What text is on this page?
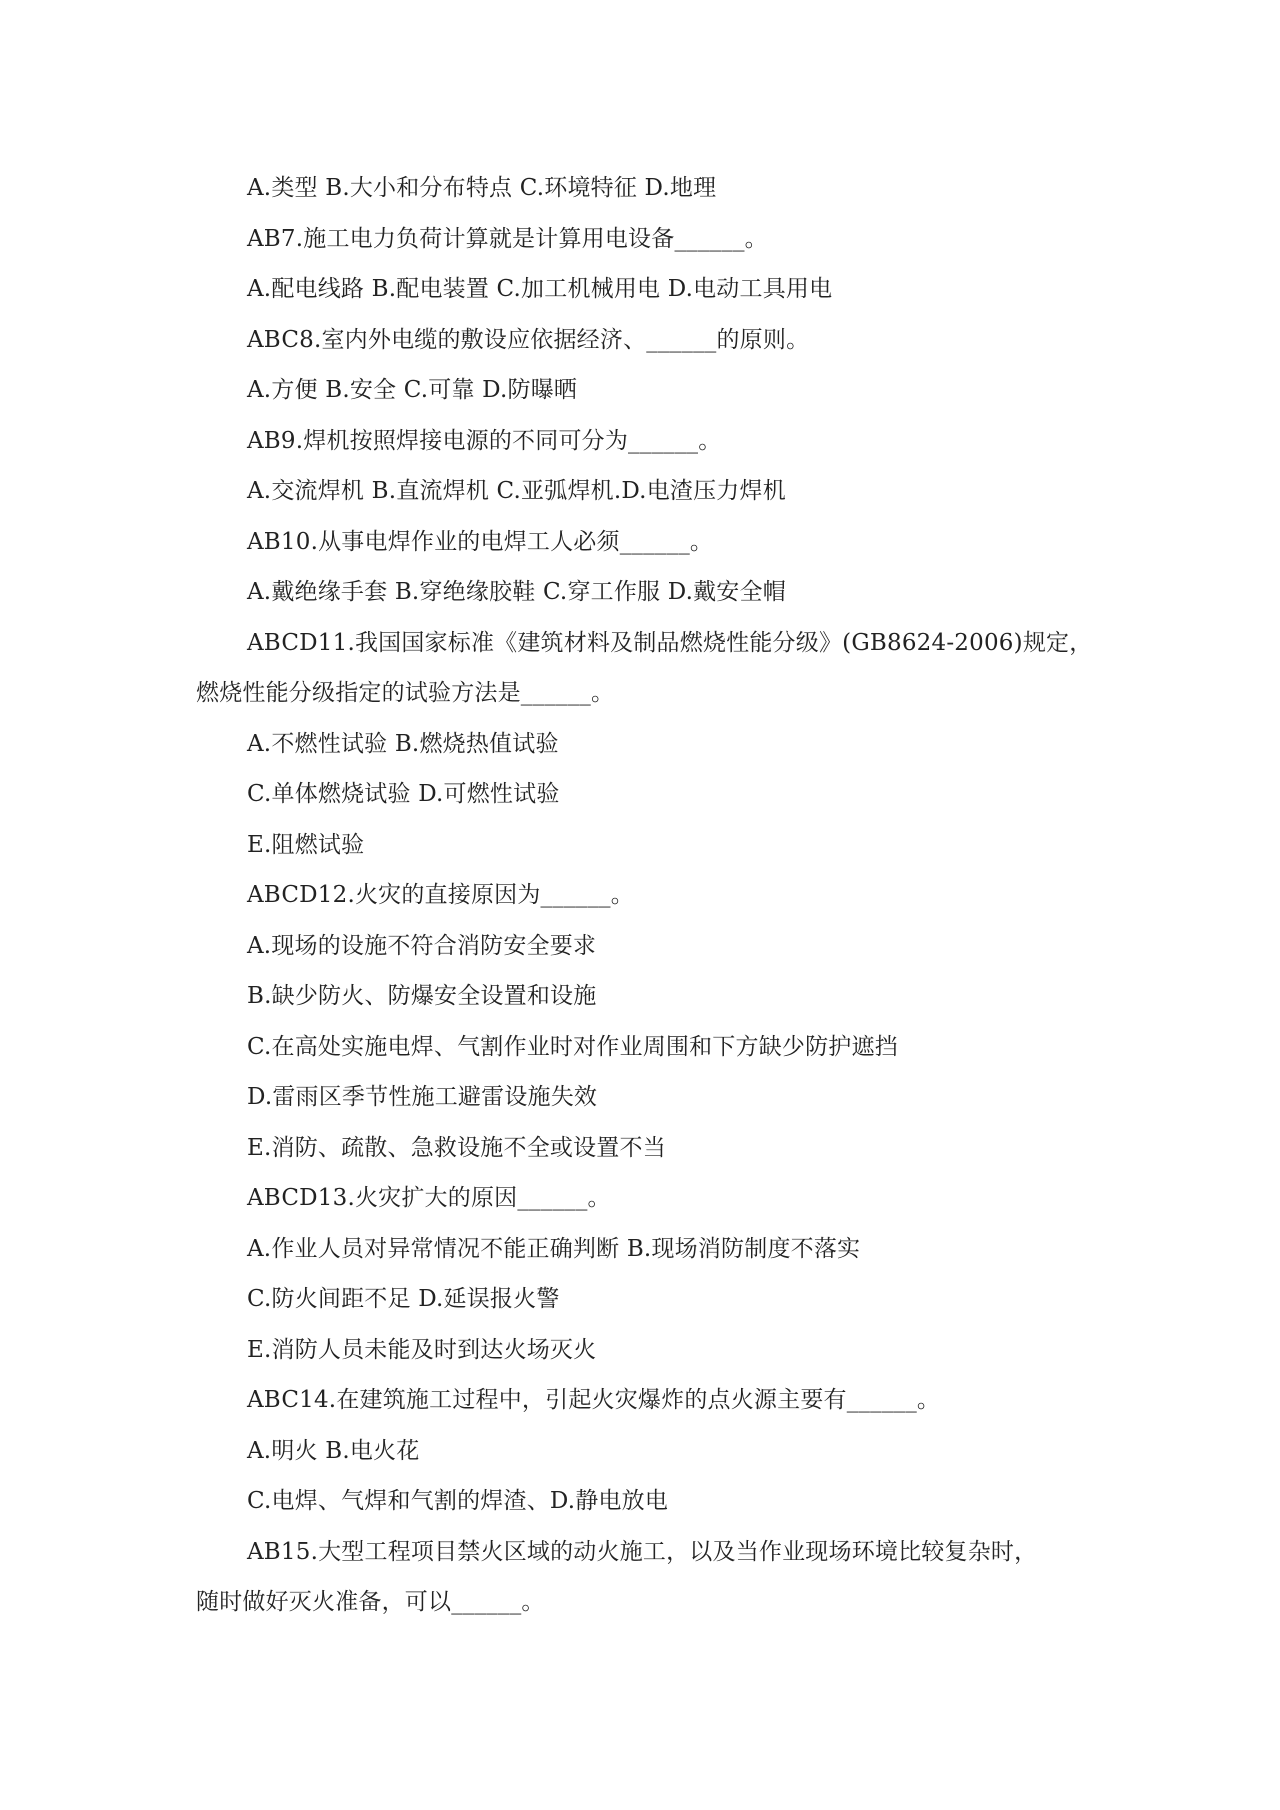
A.类型 B.大小和分布特点 C.环境特征 D.地理
AB7.施工电力负荷计算就是计算用电设备______。
A.配电线路 B.配电装置 C.加工机械用电 D.电动工具用电
ABC8.室内外电缆的敷设应依据经济、______的原则。
A.方便 B.安全 C.可靠 D.防曝晒
AB9.焊机按照焊接电源的不同可分为______。
A.交流焊机 B.直流焊机 C.亚弧焊机.D.电渣压力焊机
AB10.从事电焊作业的电焊工人必须______。
A.戴绝缘手套 B.穿绝缘胶鞋 C.穿工作服 D.戴安全帽
ABCD11.我国国家标准《建筑材料及制品燃烧性能分级》(GB8624-2006)规定，
燃烧性能分级指定的试验方法是______。
A.不燃性试验 B.燃烧热值试验
C.单体燃烧试验 D.可燃性试验
E.阻燃试验
ABCD12.火灾的直接原因为______。
A.现场的设施不符合消防安全要求
B.缺少防火、防爆安全设置和设施
C.在高处实施电焊、气割作业时对作业周围和下方缺少防护遮挡
D.雷雨区季节性施工避雷设施失效
E.消防、疏散、急救设施不全或设置不当
ABCD13.火灾扩大的原因______。
A.作业人员对异常情况不能正确判断 B.现场消防制度不落实
C.防火间距不足 D.延误报火警
E.消防人员未能及时到达火场灭火
ABC14.在建筑施工过程中，引起火灾爆炸的点火源主要有______。
A.明火 B.电火花
C.电焊、气焊和气割的焊渣、D.静电放电
AB15.大型工程项目禁火区域的动火施工，以及当作业现场环境比较复杂时，
随时做好灭火准备，可以______。
